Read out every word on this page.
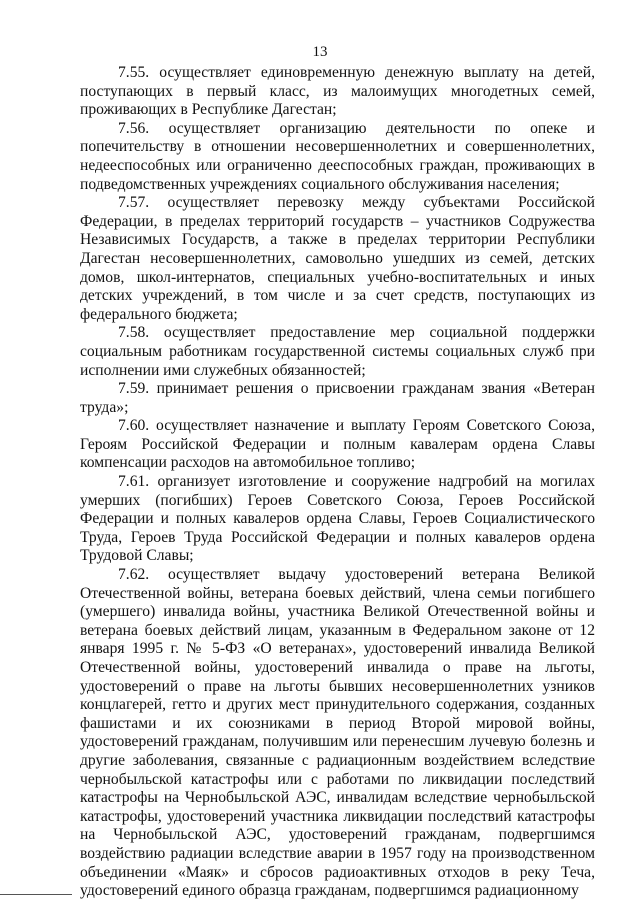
13

7.55. осуществляет единовременную денежную выплату на детей, поступающих в первый класс, из малоимущих многодетных семей, проживающих в Республике Дагестан;

7.56. осуществляет организацию деятельности по опеке и попечительству в отношении несовершеннолетних и совершеннолетних, недееспособных или ограниченно дееспособных граждан, проживающих в подведомственных учреждениях социального обслуживания населения;

7.57. осуществляет перевозку между субъектами Российской Федерации, в пределах территорий государств – участников Содружества Независимых Государств, а также в пределах территории Республики Дагестан несовершеннолетних, самовольно ушедших из семей, детских домов, школ-интернатов, специальных учебно-воспитательных и иных детских учреждений, в том числе и за счет средств, поступающих из федерального бюджета;

7.58. осуществляет предоставление мер социальной поддержки социальным работникам государственной системы социальных служб при исполнении ими служебных обязанностей;

7.59. принимает решения о присвоении гражданам звания «Ветеран труда»;

7.60. осуществляет назначение и выплату Героям Советского Союза, Героям Российской Федерации и полным кавалерам ордена Славы компенсации расходов на автомобильное топливо;

7.61. организует изготовление и сооружение надгробий на могилах умерших (погибших) Героев Советского Союза, Героев Российской Федерации и полных кавалеров ордена Славы, Героев Социалистического Труда, Героев Труда Российской Федерации и полных кавалеров ордена Трудовой Славы;

7.62. осуществляет выдачу удостоверений ветерана Великой Отечественной войны, ветерана боевых действий, члена семьи погибшего (умершего) инвалида войны, участника Великой Отечественной войны и ветерана боевых действий лицам, указанным в Федеральном законе от 12 января 1995 г. № 5-ФЗ «О ветеранах», удостоверений инвалида Великой Отечественной войны, удостоверений инвалида о праве на льготы, удостоверений о праве на льготы бывших несовершеннолетних узников концлагерей, гетто и других мест принудительного содержания, созданных фашистами и их союзниками в период Второй мировой войны, удостоверений гражданам, получившим или перенесшим лучевую болезнь и другие заболевания, связанные с радиационным воздействием вследствие чернобыльской катастрофы или с работами по ликвидации последствий катастрофы на Чернобыльской АЭС, инвалидам вследствие чернобыльской катастрофы, удостоверений участника ликвидации последствий катастрофы на Чернобыльской АЭС, удостоверений гражданам, подвергшимся воздействию радиации вследствие аварии в 1957 году на производственном объединении «Маяк» и сбросов радиоактивных отходов в реку Теча, удостоверений единого образца гражданам, подвергшимся радиационному
